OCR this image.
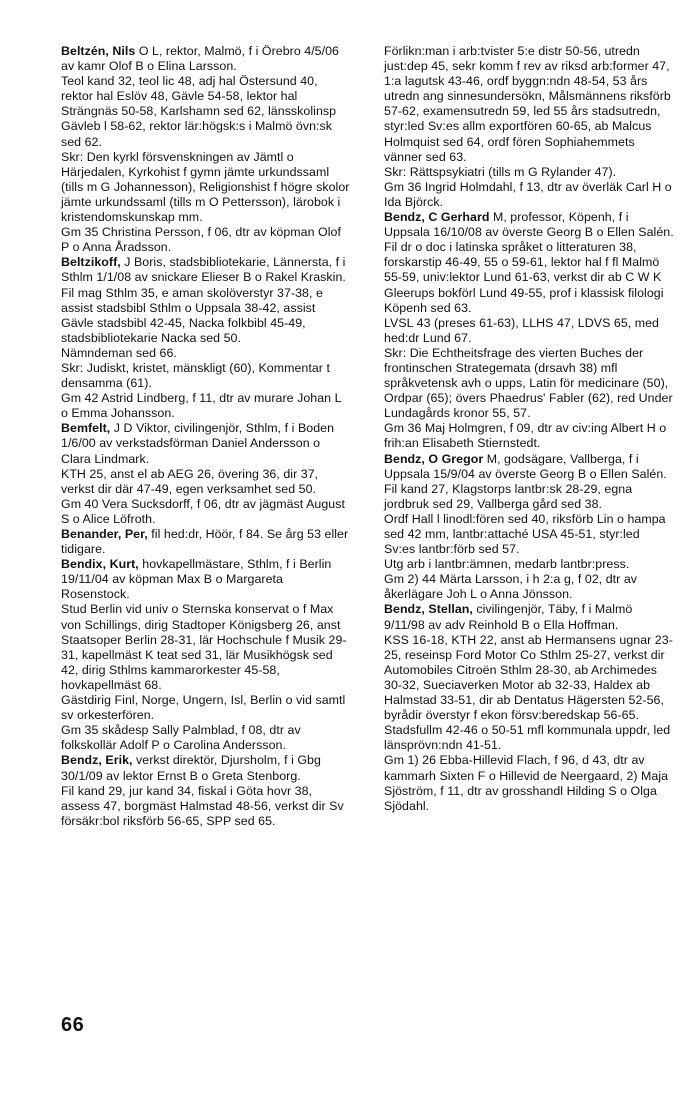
Beltzén, Nils O L, rektor, Malmö, f i Örebro 4/5/06 av kamr Olof B o Elina Larsson.

Teol kand 32, teol lic 48, adj hal Östersund 40, rektor hal Eslöv 48, Gävle 54-58, lektor hal Strängnäs 50-58, Karlshamn sed 62, länsskolinsp Gävleb l 58-62, rektor lär:högsk:s i Malmö övn:sk sed 62.

Skr: Den kyrkl försvenskningen av Jämtl o Härjedalen, Kyrkohist f gymn jämte urkundssaml (tills m G Johannesson), Religionshist f högre skolor jämte urkundssaml (tills m O Pettersson), lärobok i kristendomskunskap mm.

Gm 35 Christina Persson, f 06, dtr av köpman Olof P o Anna Åradsson.

Beltzikoff, J Boris, stadsbibliotekarie, Lännersta, f i Sthlm 1/1/08 av snickare Elieser B o Rakel Kraskin.

Fil mag Sthlm 35, e aman skolöverstyr 37-38, e assist stadsbibl Sthlm o Uppsala 38-42, assist Gävle stadsbibl 42-45, Nacka folkbibl 45-49, stadsbibliotekarie Nacka sed 50.

Nämndeman sed 66.

Skr: Judiskt, kristet, mänskligt (60), Kommentar t densamma (61).

Gm 42 Astrid Lindberg, f 11, dtr av murare Johan L o Emma Johansson.

Bemfelt, J D Viktor, civilingenjör, Sthlm, f i Boden 1/6/00 av verkstadsförman Daniel Andersson o Clara Lindmark.

KTH 25, anst el ab AEG 26, övering 36, dir 37, verkst dir där 47-49, egen verksamhet sed 50.

Gm 40 Vera Sucksdorff, f 06, dtr av jägmäst August S o Alice Löfroth.

Benander, Per, fil hed:dr, Höör, f 84. Se årg 53 eller tidigare.

Bendix, Kurt, hovkapellmästare, Sthlm, f i Berlin 19/11/04 av köpman Max B o Margareta Rosenstock.

Stud Berlin vid univ o Sternska konservat o f Max von Schillings, dirig Stadtoper Königsberg 26, anst Staatsoper Berlin 28-31, lär Hochschule f Musik 29-31, kapellmäst K teat sed 31, lär Musikhögsk sed 42, dirig Sthlms kammarorkester 45-58, hovkapellmäst 68.

Gästdirig Finl, Norge, Ungern, Isl, Berlin o vid samtl sv orkesterfören.

Gm 35 skådesp Sally Palmblad, f 08, dtr av folkskollär Adolf P o Carolina Andersson.

Bendz, Erik, verkst direktör, Djursholm, f i Gbg 30/1/09 av lektor Ernst B o Greta Stenborg.

Fil kand 29, jur kand 34, fiskal i Göta hovr 38, assess 47, borgmäst Halmstad 48-56, verkst dir Sv försäkr:bol riksförb 56-65, SPP sed 65.

Förlikn:man i arb:tvister 5:e distr 50-56, utredn just:dep 45, sekr komm f rev av riksd arb:former 47, 1:a lagutsk 43-46, ordf byggn:ndn 48-54, 53 års utredn ang sinnesundersökn, Målsmännens riksförb 57-62, examensutredn 59, led 55 års stadsutredn, styr:led Sv:es allm exportfören 60-65, ab Malcus Holmquist sed 64, ordf fören Sophiahemmets vänner sed 63.

Skr: Rättspsykiatri (tills m G Rylander 47).

Gm 36 Ingrid Holmdahl, f 13, dtr av överläk Carl H o Ida Björck.

Bendz, C Gerhard M, professor, Köpenh, f i Uppsala 16/10/08 av överste Georg B o Ellen Salén.

Fil dr o doc i latinska språket o litteraturen 38, forskarstip 46-49, 55 o 59-61, lektor hal f fl Malmö 55-59, univ:lektor Lund 61-63, verkst dir ab C W K Gleerups bokförl Lund 49-55, prof i klassisk filologi Köpenh sed 63.

LVSL 43 (preses 61-63), LLHS 47, LDVS 65, med hed:dr Lund 67.

Skr: Die Echtheitsfrage des vierten Buches der frontinschen Strategemata (drsavh 38) mfl språkvetensk avh o upps, Latin för medicinare (50), Ordpar (65); övers Phaedrus' Fabler (62), red Under Lundagårds kronor 55, 57.

Gm 36 Maj Holmgren, f 09, dtr av civ:ing Albert H o frih:an Elisabeth Stiernstedt.

Bendz, O Gregor M, godsägare, Vallberga, f i Uppsala 15/9/04 av överste Georg B o Ellen Salén.

Fil kand 27, Klagstorps lantbr:sk 28-29, egna jordbruk sed 29, Vallberga gård sed 38.

Ordf Hall l linodl:fören sed 40, riksförb Lin o hampa sed 42 mm, lantbr:attaché USA 45-51, styr:led Sv:es lantbr:förb sed 57.

Utg arb i lantbr:ämnen, medarb lantbr:press.

Gm 2) 44 Märta Larsson, i h 2:a g, f 02, dtr av åkerlägare Joh L o Anna Jönsson.

Bendz, Stellan, civilingenjör, Täby, f i Malmö 9/11/98 av adv Reinhold B o Ella Hoffman.

KSS 16-18, KTH 22, anst ab Hermansens ugnar 23-25, reseinsp Ford Motor Co Sthlm 25-27, verkst dir Automobiles Citroën Sthlm 28-30, ab Archimedes 30-32, Sueciaverken Motor ab 32-33, Haldex ab Halmstad 33-51, dir ab Dentatus Hägersten 52-56, byrådir överstyr f ekon försv:beredskap 56-65.

Stadsfullm 42-46 o 50-51 mfl kommunala uppdr, led länsprövn:ndn 41-51.

Gm 1) 26 Ebba-Hillevid Flach, f 96, d 43, dtr av kammarh Sixten F o Hillevid de Neergaard, 2) Maja Sjöström, f 11, dtr av grosshandl Hilding S o Olga Sjödahl.

66
